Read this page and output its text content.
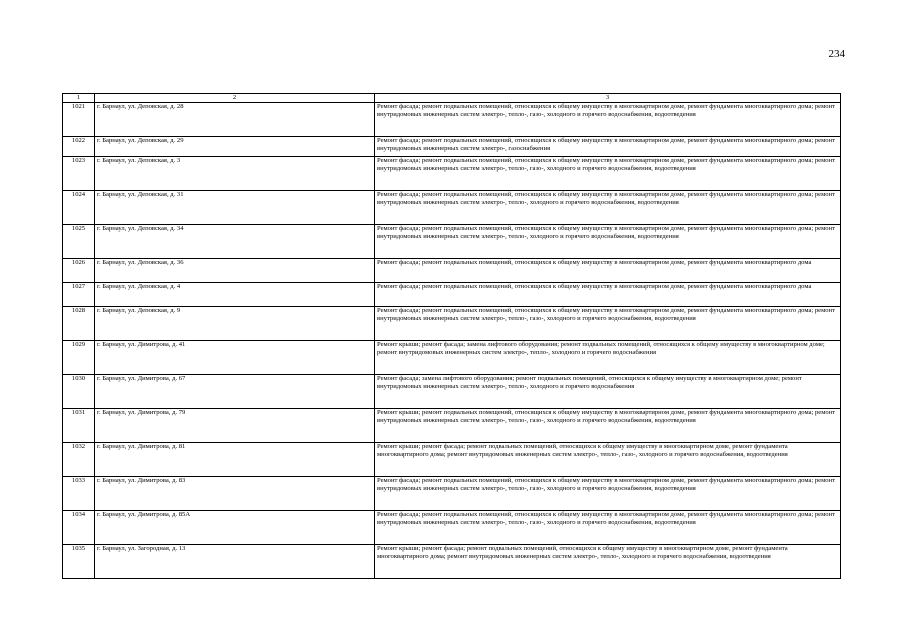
234
1	2	3
1021	г. Барнаул, ул. Деповская, д. 28	Ремонт фасада; ремонт подвальных помещений, относящихся к общему имуществу в многоквартирном доме, ремонт фундамента многоквартирного дома; ремонт внутридомовых инженерных систем электро-, тепло-, газо-, холодного и горячего водоснабжения, водоотведения
1022	г. Барнаул, ул. Деповская, д. 29	Ремонт фасада; ремонт подвальных помещений, относящихся к общему имуществу в многоквартирном доме, ремонт фундамента многоквартирного дома; ремонт внутридомовых инженерных систем электро-, газоснабжения
1023	г. Барнаул, ул. Деповская, д. 3	Ремонт фасада; ремонт подвальных помещений, относящихся к общему имуществу в многоквартирном доме, ремонт фундамента многоквартирного дома; ремонт внутридомовых инженерных систем электро-, тепло-, газо-, холодного и горячего водоснабжения, водоотведения
1024	г. Барнаул, ул. Деповская, д. 31	Ремонт фасада; ремонт подвальных помещений, относящихся к общему имуществу в многоквартирном доме, ремонт фундамента многоквартирного дома; ремонт внутридомовых инженерных систем электро-, тепло-, холодного и горячего водоснабжения, водоотведения
1025	г. Барнаул, ул. Деповская, д. 34	Ремонт фасада; ремонт подвальных помещений, относящихся к общему имуществу в многоквартирном доме, ремонт фундамента многоквартирного дома; ремонт внутридомовых инженерных систем электро-, тепло-, холодного и горячего водоснабжения, водоотведения
1026	г. Барнаул, ул. Деповская, д. 36	Ремонт фасада; ремонт подвальных помещений, относящихся к общему имуществу в многоквартирном доме, ремонт фундамента многоквартирного дома
1027	г. Барнаул, ул. Деповская, д. 4	Ремонт фасада; ремонт подвальных помещений, относящихся к общему имуществу в многоквартирном доме, ремонт фундамента многоквартирного дома
1028	г. Барнаул, ул. Деповская, д. 9	Ремонт фасада; ремонт подвальных помещений, относящихся к общему имуществу в многоквартирном доме, ремонт фундамента многоквартирного дома; ремонт внутридомовых инженерных систем электро-, тепло-, газо-, холодного и горячего водоснабжения, водоотведения
1029	г. Барнаул, ул. Димитрова, д. 41	Ремонт крыши; ремонт фасада; замена лифтового оборудования; ремонт подвальных помещений, относящихся к общему имуществу в многоквартирном доме; ремонт внутридомовых инженерных систем электро-, тепло-, холодного и горячего водоснабжения
1030	г. Барнаул, ул. Димитрова, д. 67	Ремонт фасада; замена лифтового оборудования; ремонт подвальных помещений, относящихся к общему имуществу в многоквартирном доме; ремонт внутридомовых инженерных систем электро-, тепло-, холодного и горячего водоснабжения
1031	г. Барнаул, ул. Димитрова, д. 79	Ремонт крыши; ремонт подвальных помещений, относящихся к общему имуществу в многоквартирном доме, ремонт фундамента многоквартирного дома; ремонт внутридомовых инженерных систем электро-, тепло-, газо-, холодного и горячего водоснабжения, водоотведения
1032	г. Барнаул, ул. Димитрова, д. 81	Ремонт крыши; ремонт фасада; ремонт подвальных помещений, относящихся к общему имуществу в многоквартирном доме, ремонт фундамента многоквартирного дома; ремонт внутридомовых инженерных систем электро-, тепло-, газо-, холодного и горячего водоснабжения, водоотведения
1033	г. Барнаул, ул. Димитрова, д. 83	Ремонт фасада; ремонт подвальных помещений, относящихся к общему имуществу в многоквартирном доме, ремонт фундамента многоквартирного дома; ремонт внутридомовых инженерных систем электро-, тепло-, газо-, холодного и горячего водоснабжения, водоотведения
1034	г. Барнаул, ул. Димитрова, д. 85А	Ремонт фасада; ремонт подвальных помещений, относящихся к общему имуществу в многоквартирном доме, ремонт фундамента многоквартирного дома; ремонт внутридомовых инженерных систем электро-, тепло-, газо-, холодного и горячего водоснабжения, водоотведения
1035	г. Барнаул, ул. Загородная, д. 13	Ремонт крыши; ремонт фасада; ремонт подвальных помещений, относящихся к общему имуществу в многоквартирном доме, ремонт фундамента многоквартирного дома; ремонт внутридомовых инженерных систем электро-, тепло-, холодного и горячего водоснабжения, водоотведения
